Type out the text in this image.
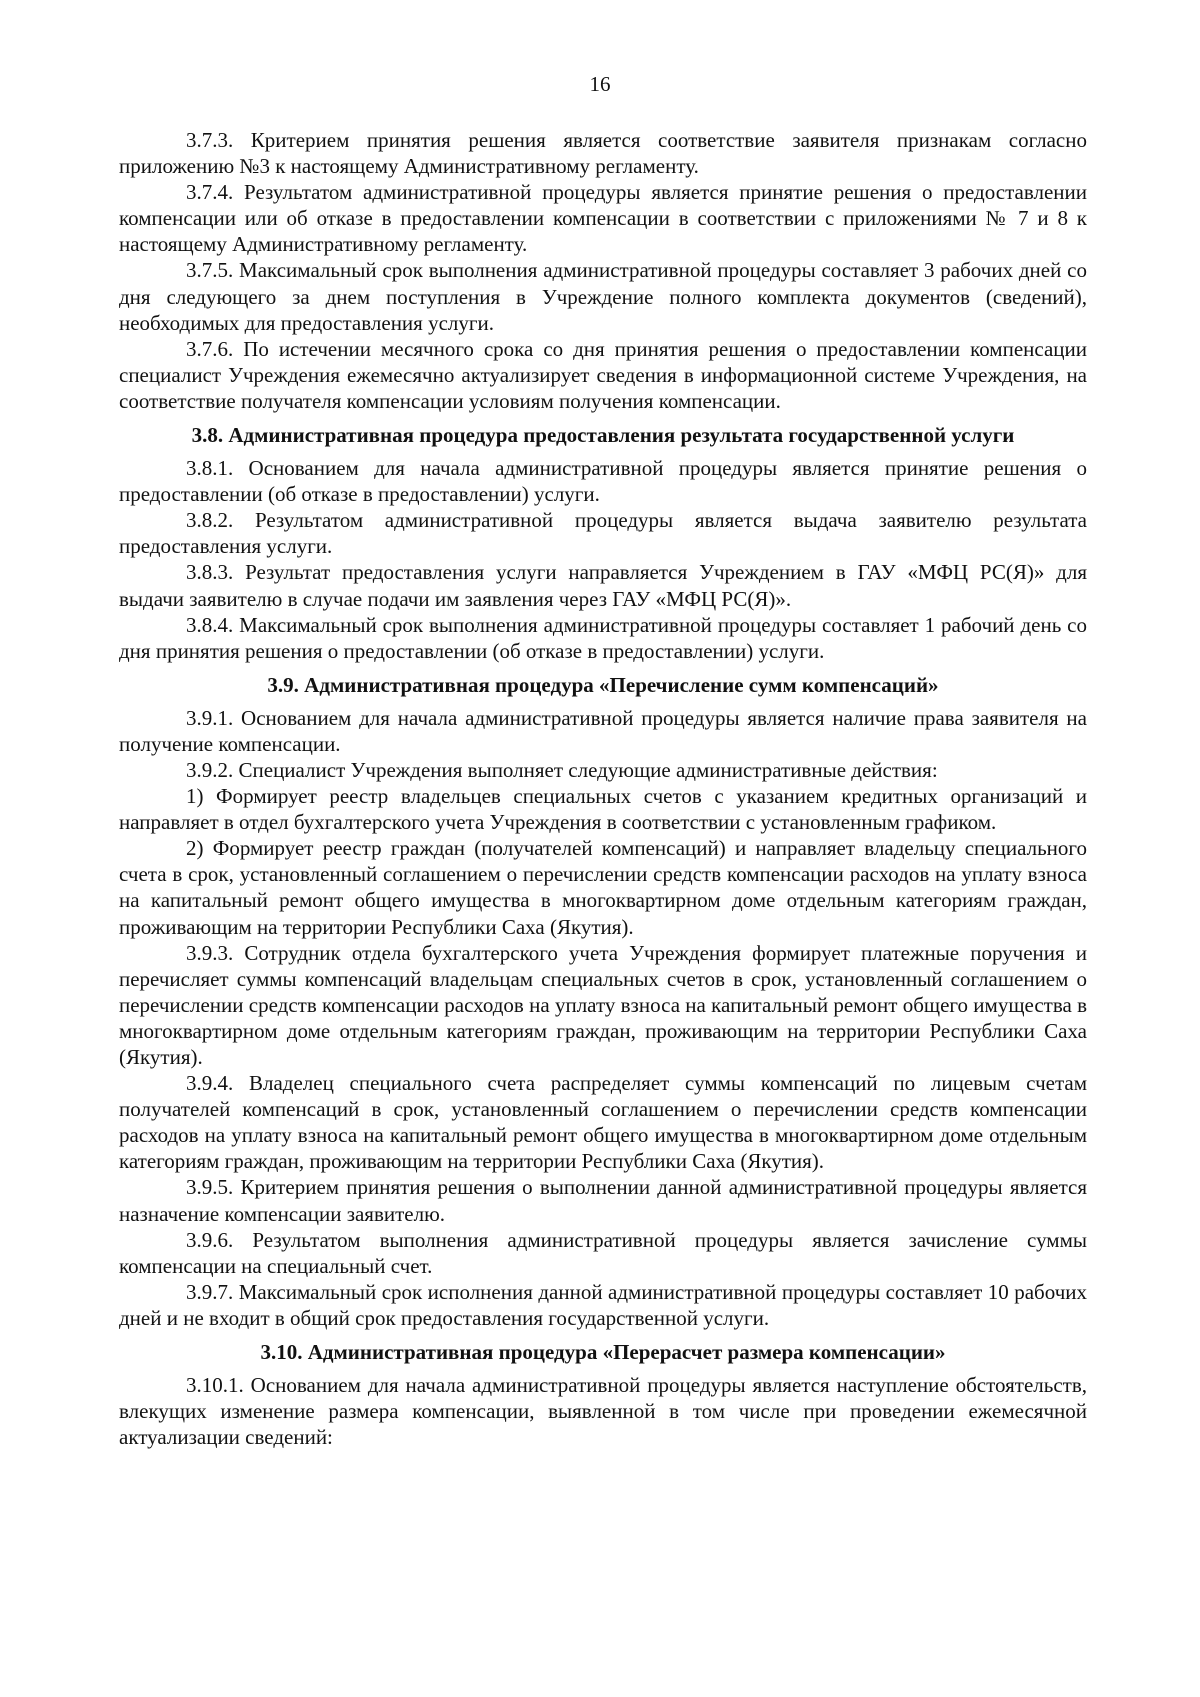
16

3.7.3. Критерием принятия решения является соответствие заявителя признакам согласно приложению №3 к настоящему Административному регламенту.

3.7.4. Результатом административной процедуры является принятие решения о предоставлении компенсации или об отказе в предоставлении компенсации в соответствии с приложениями № 7 и 8 к настоящему Административному регламенту.

3.7.5. Максимальный срок выполнения административной процедуры составляет 3 рабочих дней со дня следующего за днем поступления в Учреждение полного комплекта документов (сведений), необходимых для предоставления услуги.

3.7.6. По истечении месячного срока со дня принятия решения о предоставлении компенсации специалист Учреждения ежемесячно актуализирует сведения в информационной системе Учреждения, на соответствие получателя компенсации условиям получения компенсации.

3.8. Административная процедура предоставления результата государственной услуги

3.8.1. Основанием для начала административной процедуры является принятие решения о предоставлении (об отказе в предоставлении) услуги.

3.8.2. Результатом административной процедуры является выдача заявителю результата предоставления услуги.

3.8.3. Результат предоставления услуги направляется Учреждением в ГАУ «МФЦ РС(Я)» для выдачи заявителю в случае подачи им заявления через ГАУ «МФЦ РС(Я)».

3.8.4. Максимальный срок выполнения административной процедуры составляет 1 рабочий день со дня принятия решения о предоставлении (об отказе в предоставлении) услуги.

3.9. Административная процедура «Перечисление сумм компенсаций»

3.9.1. Основанием для начала административной процедуры является наличие права заявителя на получение компенсации.

3.9.2. Специалист Учреждения выполняет следующие административные действия:

1) Формирует реестр владельцев специальных счетов с указанием кредитных организаций и направляет в отдел бухгалтерского учета Учреждения в соответствии с установленным графиком.

2) Формирует реестр граждан (получателей компенсаций) и направляет владельцу специального счета в срок, установленный соглашением о перечислении средств компенсации расходов на уплату взноса на капитальный ремонт общего имущества в многоквартирном доме отдельным категориям граждан, проживающим на территории Республики Саха (Якутия).

3.9.3. Сотрудник отдела бухгалтерского учета Учреждения формирует платежные поручения и перечисляет суммы компенсаций владельцам специальных счетов в срок, установленный соглашением о перечислении средств компенсации расходов на уплату взноса на капитальный ремонт общего имущества в многоквартирном доме отдельным категориям граждан, проживающим на территории Республики Саха (Якутия).

3.9.4. Владелец специального счета распределяет суммы компенсаций по лицевым счетам получателей компенсаций в срок, установленный соглашением о перечислении средств компенсации расходов на уплату взноса на капитальный ремонт общего имущества в многоквартирном доме отдельным категориям граждан, проживающим на территории Республики Саха (Якутия).

3.9.5. Критерием принятия решения о выполнении данной административной процедуры является назначение компенсации заявителю.

3.9.6. Результатом выполнения административной процедуры является зачисление суммы компенсации на специальный счет.

3.9.7. Максимальный срок исполнения данной административной процедуры составляет 10 рабочих дней и не входит в общий срок предоставления государственной услуги.

3.10. Административная процедура «Перерасчет размера компенсации»

3.10.1. Основанием для начала административной процедуры является наступление обстоятельств, влекущих изменение размера компенсации, выявленной в том числе при проведении ежемесячной актуализации сведений:
